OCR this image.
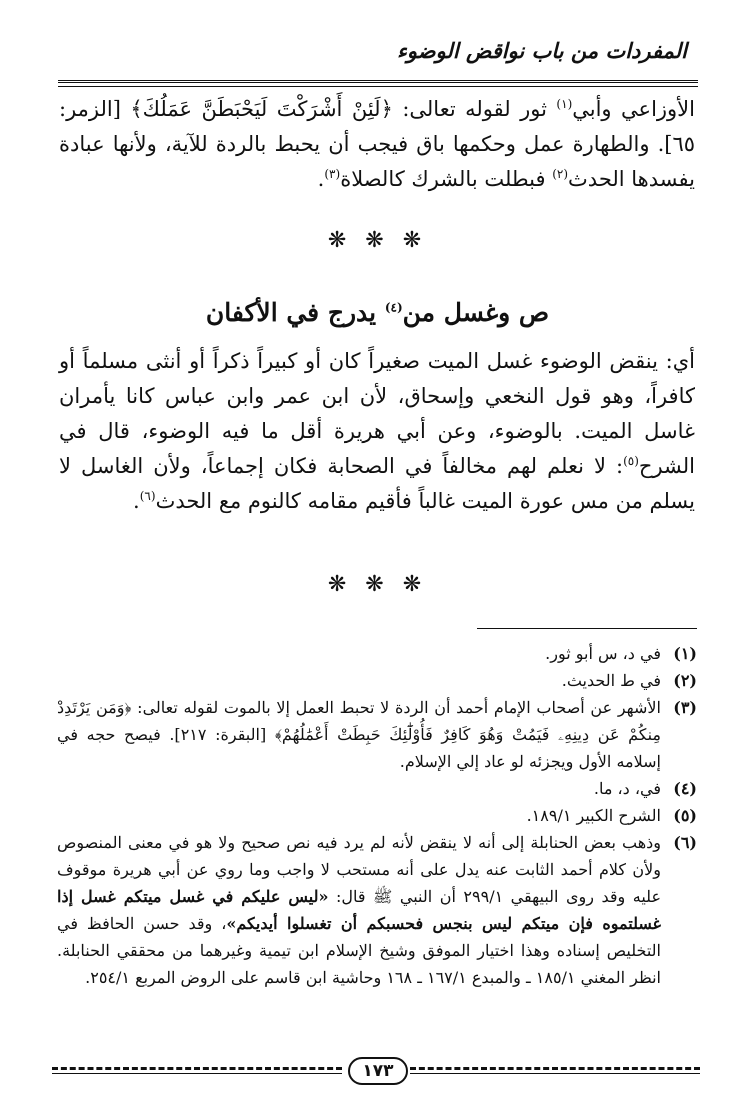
المفردات من باب نواقض الوضوء
الأوزاعي وأبي$^{(١)}$ ثور لقوله تعالى: ﴿لَئِنْ أَشْرَكْتَ لَيَحْبَطَنَّ عَمَلُكَ﴾ [الزمر: ٦٥]. والطهارة عمل وحكمها باق فيجب أن يحبط بالردة للآية، ولأنها عبادة يفسدها الحدث$^{(٢)}$ فبطلت بالشرك كالصلاة$^{(٣)}$.
❋ ❋ ❋
ص وغسل من$^{(٤)}$ يدرج في الأكفان
أي: ينقض الوضوء غسل الميت صغيراً كان أو كبيراً ذكراً أو أنثى مسلماً أو كافراً، وهو قول النخعي وإسحاق، لأن ابن عمر وابن عباس كانا يأمران غاسل الميت. بالوضوء، وعن أبي هريرة أقل ما فيه الوضوء، قال في الشرح$^{(٥)}$: لا نعلم لهم مخالفاً في الصحابة فكان إجماعاً، ولأن الغاسل لا يسلم من مس عورة الميت غالباً فأقيم مقامه كالنوم مع الحدث$^{(٦)}$.
❋ ❋ ❋
(١)
في د، س أبو ثور.
(٢)
في ط الحديث.
(٣)
الأشهر عن أصحاب الإمام أحمد أن الردة لا تحبط العمل إلا بالموت لقوله تعالى: ﴿وَمَن يَرْتَدِدْ مِنكُمْ عَن دِينِهِۦ فَيَمُتْ وَهُوَ كَافِرٌ فَأُوْلَٰٓئِكَ حَبِطَتْ أَعْمَٰلُهُمْ﴾ [البقرة: ٢١٧]. فيصح حجه في إسلامه الأول ويجزئه لو عاد إلي الإسلام.
(٤)
في، د، ما.
(٥)
الشرح الكبير ١٨٩/١.
(٦)
وذهب بعض الحنابلة إلى أنه لا ينقض لأنه لم يرد فيه نص صحيح ولا هو في معنى المنصوص ولأن كلام أحمد الثابت عنه يدل على أنه مستحب لا واجب وما روي عن أبي هريرة موقوف عليه وقد روى البيهقي ٢٩٩/١ أن النبي ﷺ قال: «ليس عليكم في غسل ميتكم غسل إذا غسلتموه فإن ميتكم ليس بنجس فحسبكم أن تغسلوا أيديكم»، وقد حسن الحافظ في التخليص إسناده وهذا اختيار الموفق وشيخ الإسلام ابن تيمية وغيرهما من محققي الحنابلة. انظر المغني ١٨٥/١ ـ والمبدع ١٦٧/١ ـ ١٦٨ وحاشية ابن قاسم على الروض المربع ٢٥٤/١.
١٧٣
